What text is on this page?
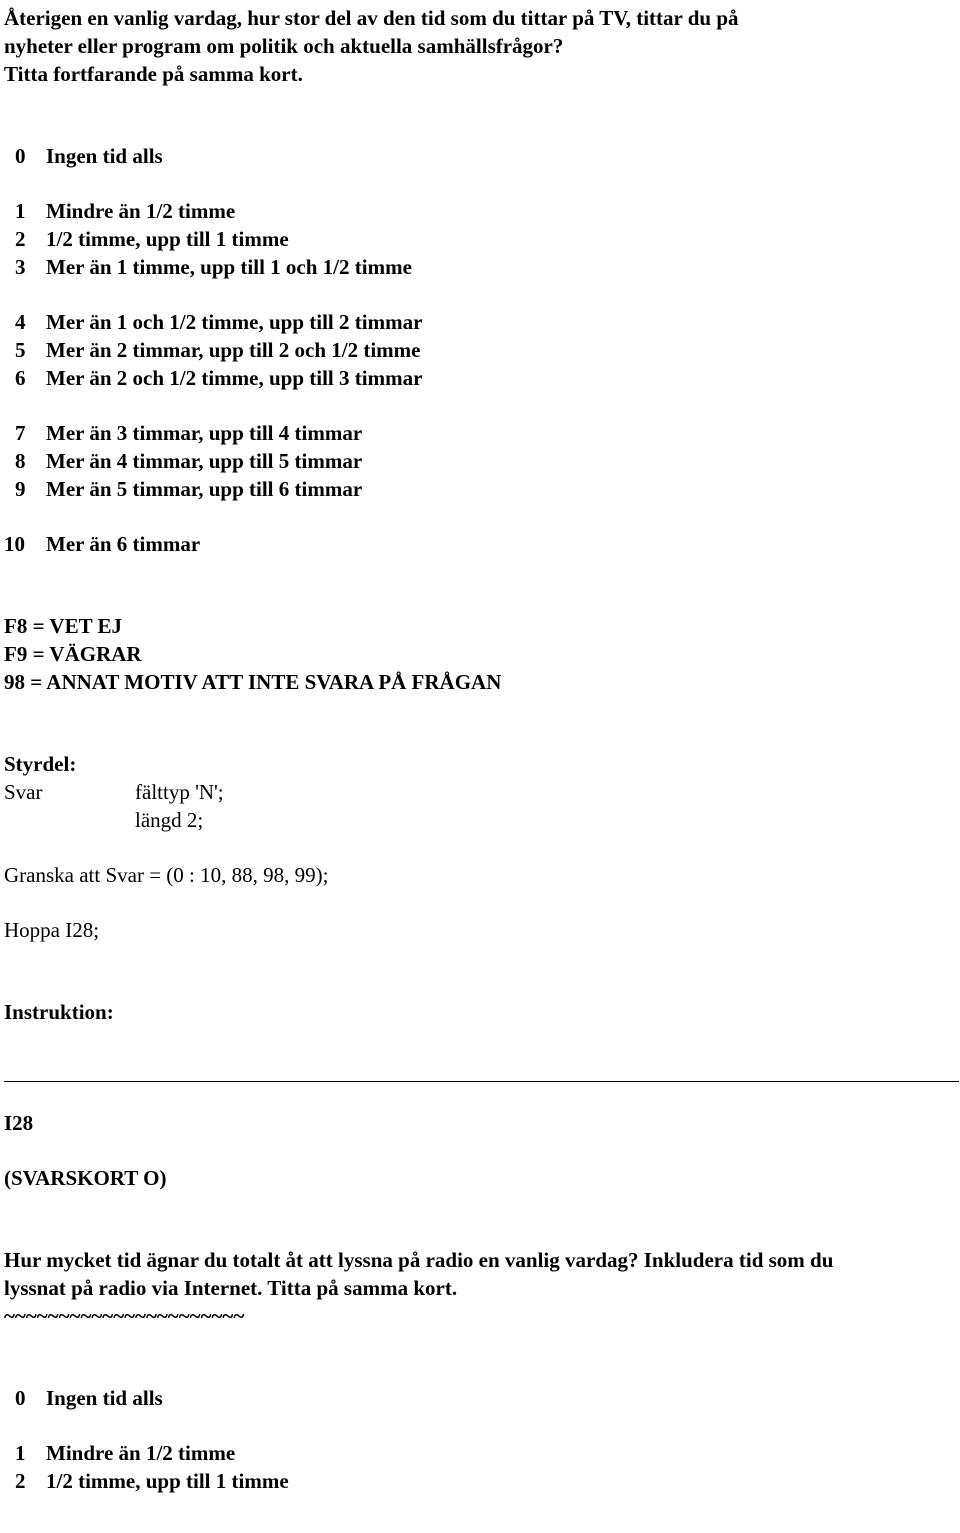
Återigen en vanlig vardag, hur stor del av den tid som du tittar på TV, tittar du på
nyheter eller program om politik och aktuella samhällsfrågor?
Titta fortfarande på samma kort.
0 Ingen tid alls
1 Mindre än 1/2 timme
2 1/2 timme, upp till 1 timme
3 Mer än 1 timme, upp till 1 och 1/2 timme
4 Mer än 1 och 1/2 timme, upp till 2 timmar
5 Mer än 2 timmar, upp till 2 och 1/2 timme
6 Mer än 2 och 1/2 timme, upp till 3 timmar
7 Mer än 3 timmar, upp till 4 timmar
8 Mer än 4 timmar, upp till 5 timmar
9 Mer än 5 timmar, upp till 6 timmar
10 Mer än 6 timmar
F8 = VET EJ
F9 = VÄGRAR
98 = ANNAT MOTIV ATT INTE SVARA PÅ FRÅGAN
Styrdel:
Svar	fälttyp 'N';
längd 2;
Granska att Svar = (0 : 10, 88, 98, 99);
Hoppa I28;
Instruktion:
I28
(SVARSKORT O)
Hur mycket tid ägnar du totalt åt att lyssna på radio en vanlig vardag? Inkludera tid som du
lyssnat på radio via Internet. Titta på samma kort.
~~~~~~~~~~~~~~~~~~~~~~
0 Ingen tid alls
1 Mindre än 1/2 timme
2 1/2 timme, upp till 1 timme
